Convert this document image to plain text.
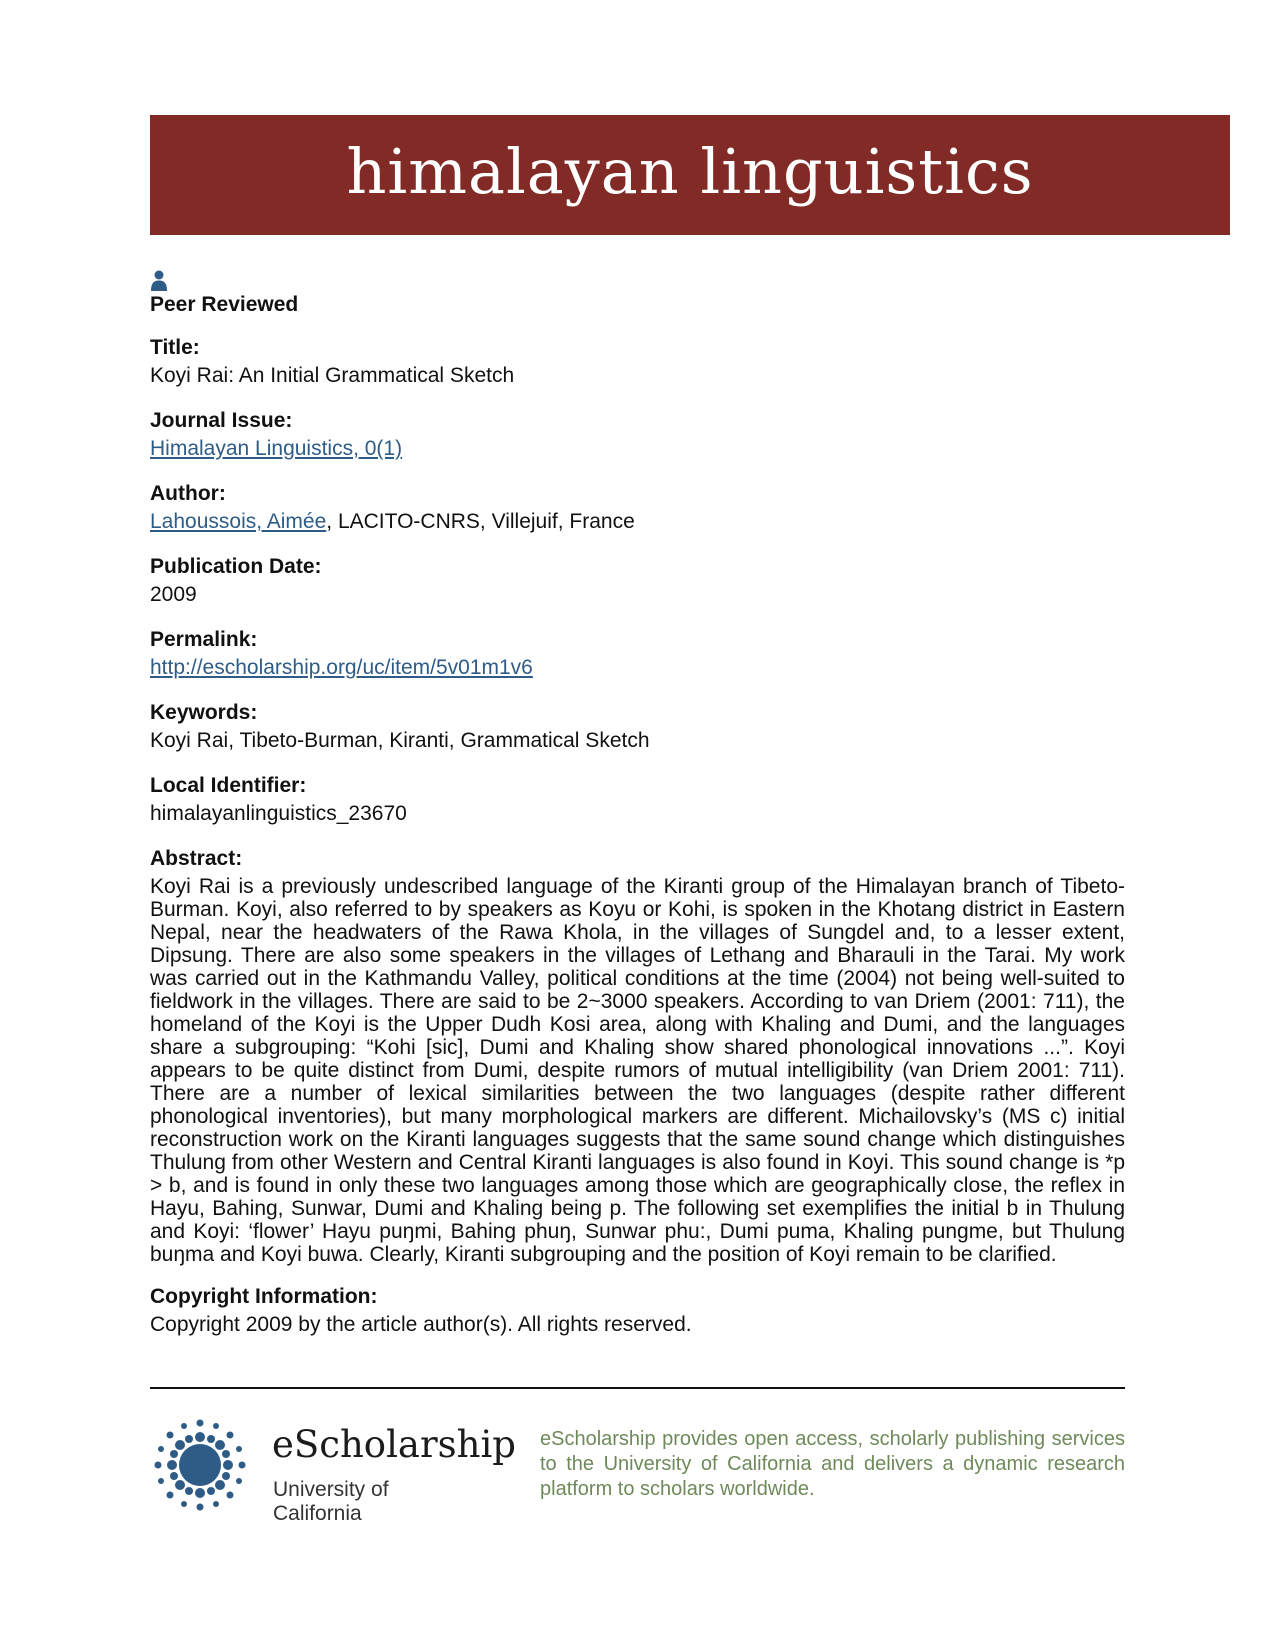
himalayan linguistics
Peer Reviewed
Title:
Koyi Rai: An Initial Grammatical Sketch
Journal Issue:
Himalayan Linguistics, 0(1)
Author:
Lahoussois, Aimée, LACITO-CNRS, Villejuif, France
Publication Date:
2009
Permalink:
http://escholarship.org/uc/item/5v01m1v6
Keywords:
Koyi Rai, Tibeto-Burman, Kiranti, Grammatical Sketch
Local Identifier:
himalayanlinguistics_23670
Abstract:
Koyi Rai is a previously undescribed language of the Kiranti group of the Himalayan branch of Tibeto-Burman. Koyi, also referred to by speakers as Koyu or Kohi, is spoken in the Khotang district in Eastern Nepal, near the headwaters of the Rawa Khola, in the villages of Sungdel and, to a lesser extent, Dipsung. There are also some speakers in the villages of Lethang and Bharauli in the Tarai. My work was carried out in the Kathmandu Valley, political conditions at the time (2004) not being well-suited to fieldwork in the villages. There are said to be 2~3000 speakers. According to van Driem (2001: 711), the homeland of the Koyi is the Upper Dudh Kosi area, along with Khaling and Dumi, and the languages share a subgrouping: “Kohi [sic], Dumi and Khaling show shared phonological innovations ...”. Koyi appears to be quite distinct from Dumi, despite rumors of mutual intelligibility (van Driem 2001: 711). There are a number of lexical similarities between the two languages (despite rather different phonological inventories), but many morphological markers are different. Michailovsky’s (MS c) initial reconstruction work on the Kiranti languages suggests that the same sound change which distinguishes Thulung from other Western and Central Kiranti languages is also found in Koyi. This sound change is *p > b, and is found in only these two languages among those which are geographically close, the reflex in Hayu, Bahing, Sunwar, Dumi and Khaling being p. The following set exemplifies the initial b in Thulung and Koyi: ‘flower’ Hayu puŋmi, Bahing phuŋ, Sunwar phu:, Dumi puma, Khaling pungme, but Thulung buŋma and Koyi buwa. Clearly, Kiranti subgrouping and the position of Koyi remain to be clarified.
Copyright Information:
Copyright 2009 by the article author(s). All rights reserved.
eScholarship
University of California
eScholarship provides open access, scholarly publishing services to the University of California and delivers a dynamic research platform to scholars worldwide.
